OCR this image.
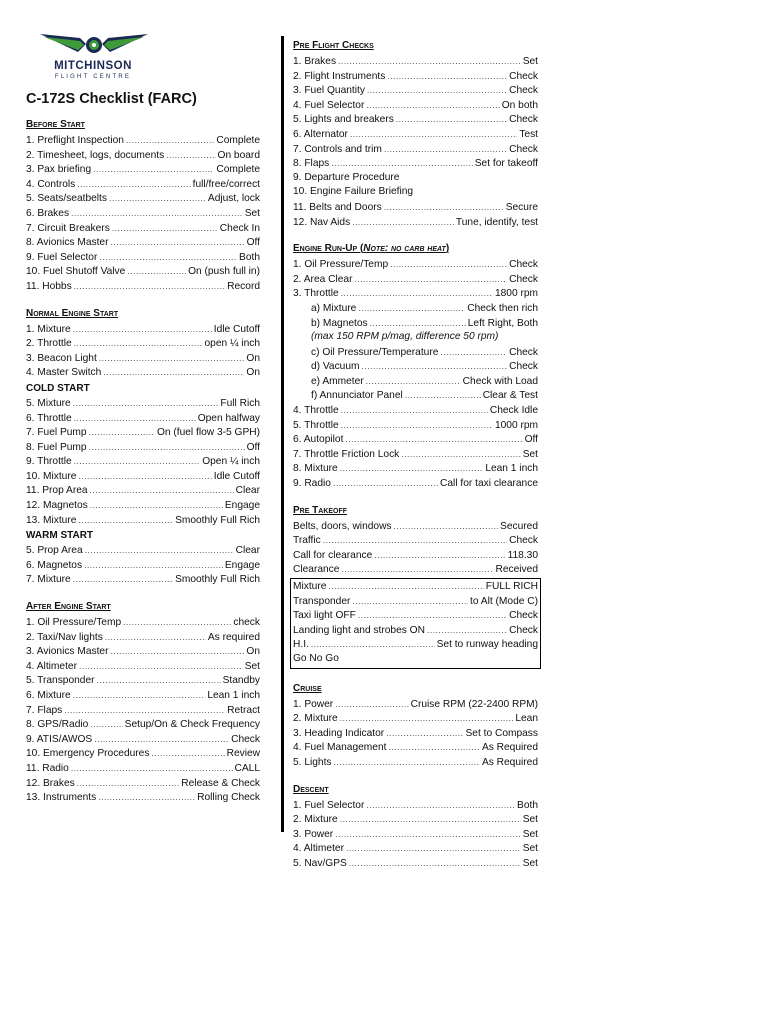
MITCHINSON
FLIGHT CENTRE
C-172S Checklist (FARC)
Before Start
1. Preflight Inspection .....	Complete
2. Timesheet, logs, documents .....	On board
3. Pax briefing .....	Complete
4. Controls .....	full/free/correct
5. Seats/seatbelts .....	Adjust, lock
6. Brakes .....	Set
7. Circuit Breakers .....	Check In
8. Avionics Master .....	Off
9. Fuel Selector .....	Both
10. Fuel Shutoff Valve .....	On (push full in)
11. Hobbs .....	Record
Normal Engine Start
1. Mixture .....	Idle Cutoff
2. Throttle .....	open ¼ inch
3. Beacon Light .....	On
4. Master Switch .....	On
COLD START
5. Mixture .....	Full Rich
6. Throttle .....	Open halfway
7. Fuel Pump .....	On (fuel flow 3-5 GPH)
8. Fuel Pump .....	Off
9. Throttle .....	Open ¼ inch
10. Mixture .....	Idle Cutoff
11. Prop Area .....	Clear
12. Magnetos .....	Engage
13. Mixture .....	Smoothly Full Rich
WARM START
5. Prop Area .....	Clear
6. Magnetos .....	Engage
7. Mixture .....	Smoothly Full Rich
After Engine Start
1. Oil Pressure/Temp .....	check
2. Taxi/Nav lights .....	As required
3. Avionics Master .....	On
4. Altimeter .....	Set
5. Transponder .....	Standby
6. Mixture .....	Lean 1 inch
7. Flaps .....	Retract
8. GPS/Radio .....	Setup/On & Check Frequency
9. ATIS/AWOS .....	Check
10. Emergency Procedures .....	Review
11. Radio .....	CALL
12. Brakes .....	Release & Check
13. Instruments .....	Rolling Check
Pre Flight Checks
1. Brakes .....	Set
2. Flight Instruments .....	Check
3. Fuel Quantity .....	Check
4. Fuel Selector .....	On both
5. Lights and breakers .....	Check
6. Alternator .....	Test
7. Controls and trim .....	Check
8. Flaps .....	Set for takeoff
9. Departure Procedure
10. Engine Failure Briefing
11. Belts and Doors .....	Secure
12. Nav Aids .....	Tune, identify, test
Engine Run-Up (Note: no carb heat)
1. Oil Pressure/Temp .....	Check
2. Area Clear .....	Check
3. Throttle .....	1800 rpm
a) Mixture .....	Check then rich
b) Magnetos .....	Left Right, Both
(max 150 RPM p/mag, difference 50 rpm)
c) Oil Pressure/Temperature .....	Check
d) Vacuum .....	Check
e) Ammeter .....	Check with Load
f) Annunciator Panel .....	Clear & Test
4. Throttle .....	Check Idle
5. Throttle .....	1000 rpm
6. Autopilot .....	Off
7. Throttle Friction Lock .....	Set
8. Mixture .....	Lean 1 inch
9. Radio .....	Call for taxi clearance
Pre Takeoff
Belts, doors, windows .....	Secured
Traffic .....	Check
Call for clearance .....	118.30
Clearance .....	Received
Mixture .....	FULL RICH
Transponder .....	to Alt (Mode C)
Taxi light OFF .....	Check
Landing light and strobes ON .....	Check
H.I. .....	Set to runway heading
Go No Go
Cruise
1. Power .....	Cruise RPM (22-2400 RPM)
2. Mixture .....	Lean
3. Heading Indicator .....	Set to Compass
4. Fuel Management .....	As Required
5. Lights .....	As Required
Descent
1. Fuel Selector .....	Both
2. Mixture .....	Set
3. Power .....	Set
4. Altimeter .....	Set
5. Nav/GPS .....	Set
